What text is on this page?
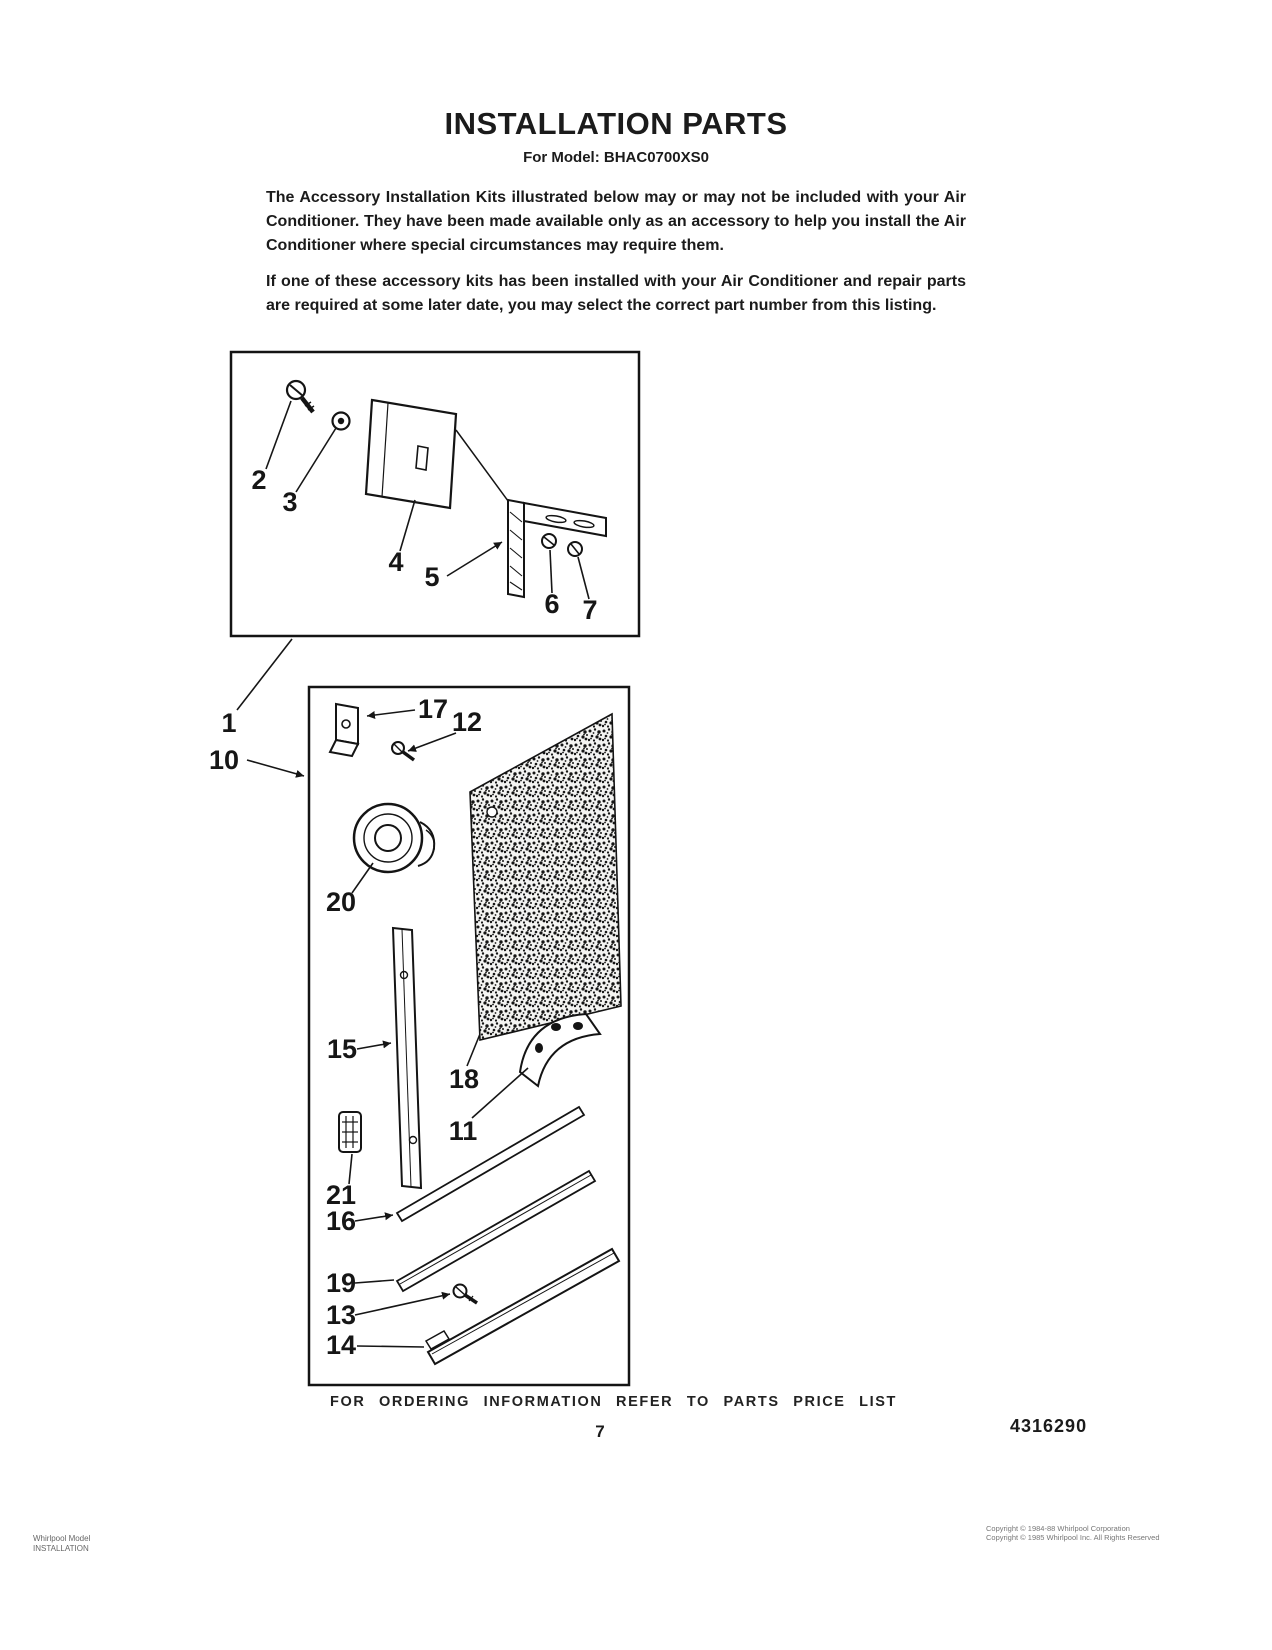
INSTALLATION PARTS
For Model: BHAC0700XS0
The Accessory Installation Kits illustrated below may or may not be included with your Air Conditioner. They have been made available only as an accessory to help you install the Air Conditioner where special circumstances may require them.
If one of these accessory kits has been installed with your Air Conditioner and repair parts are required at some later date, you may select the correct part number from this listing.
2
3
4 5
6 7
1
10
17 12
20
15
18
11
21
16
19
13
14
FOR ORDERING INFORMATION REFER TO PARTS PRICE LIST
7	4316290
Whirlpool Model
INSTALLATION
Copyright © 1984-88 Whirlpool Corporation
Copyright © 1985 Whirlpool Inc. All Rights Reserved
